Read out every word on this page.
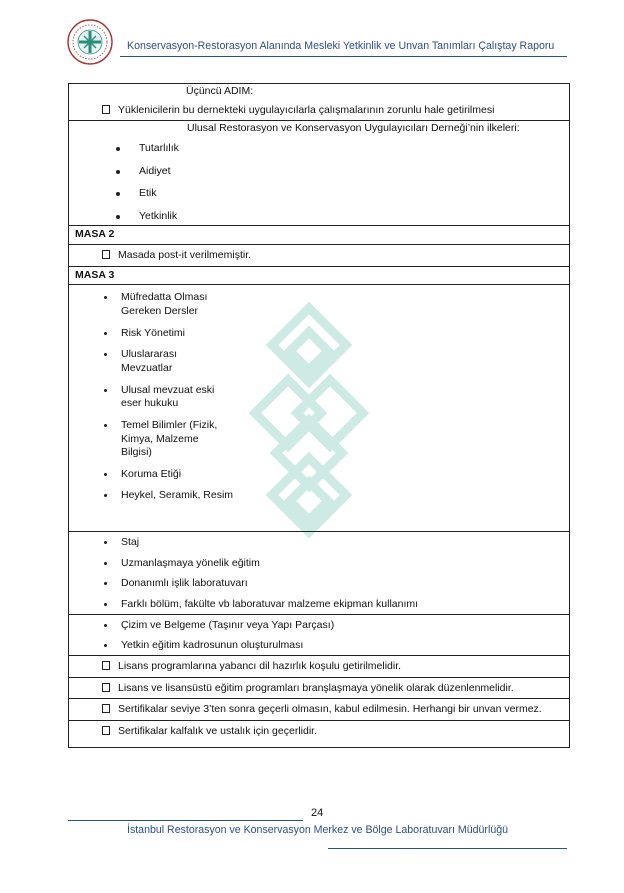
Konservasyon-Restorasyon Alanında Mesleki Yetkinlik ve Unvan Tanımları Çalıştay Raporu
Üçüncü ADIM:
Yüklenicilerin bu dernekteki uygulayıcılarla çalışmalarının zorunlu hale getirilmesi

Ulusal Restorasyon ve Konservasyon Uygulayıcıları Derneği’nin ilkeleri:
Tutarlılık
Aidiyet
Etik
Yetkinlik

MASA 2

Masada post-it verilmemiştir.

MASA 3

Müfredatta Olması Gereken Dersler
Risk Yönetimi
Uluslararası Mevzuatlar
Ulusal mevzuat eski eser hukuku
Temel Bilimler (Fizik, Kimya, Malzeme Bilgisi)
Koruma Etiği
Heykel, Seramik, Resim

Staj
Uzmanlaşmaya yönelik eğitim
Donanımlı işlik laboratuvarı
Farklı bölüm, fakülte vb laboratuvar malzeme ekipman kullanımı

Çizim ve Belgeme (Taşınır veya Yapı Parçası)
Yetkin eğitim kadrosunun oluşturulması

Lisans programlarına yabancı dil hazırlık koşulu getirilmelidir.

Lisans ve lisansüstü eğitim programları branşlaşmaya yönelik olarak düzenlenmelidir.

Sertifikalar seviye 3’ten sonra geçerli olmasın, kabul edilmesin. Herhangi bir unvan vermez.

Sertifikalar kalfalık ve ustalık için geçerlidir.
24
İstanbul Restorasyon ve Konservasyon Merkez ve Bölge Laboratuvarı Müdürlüğü
